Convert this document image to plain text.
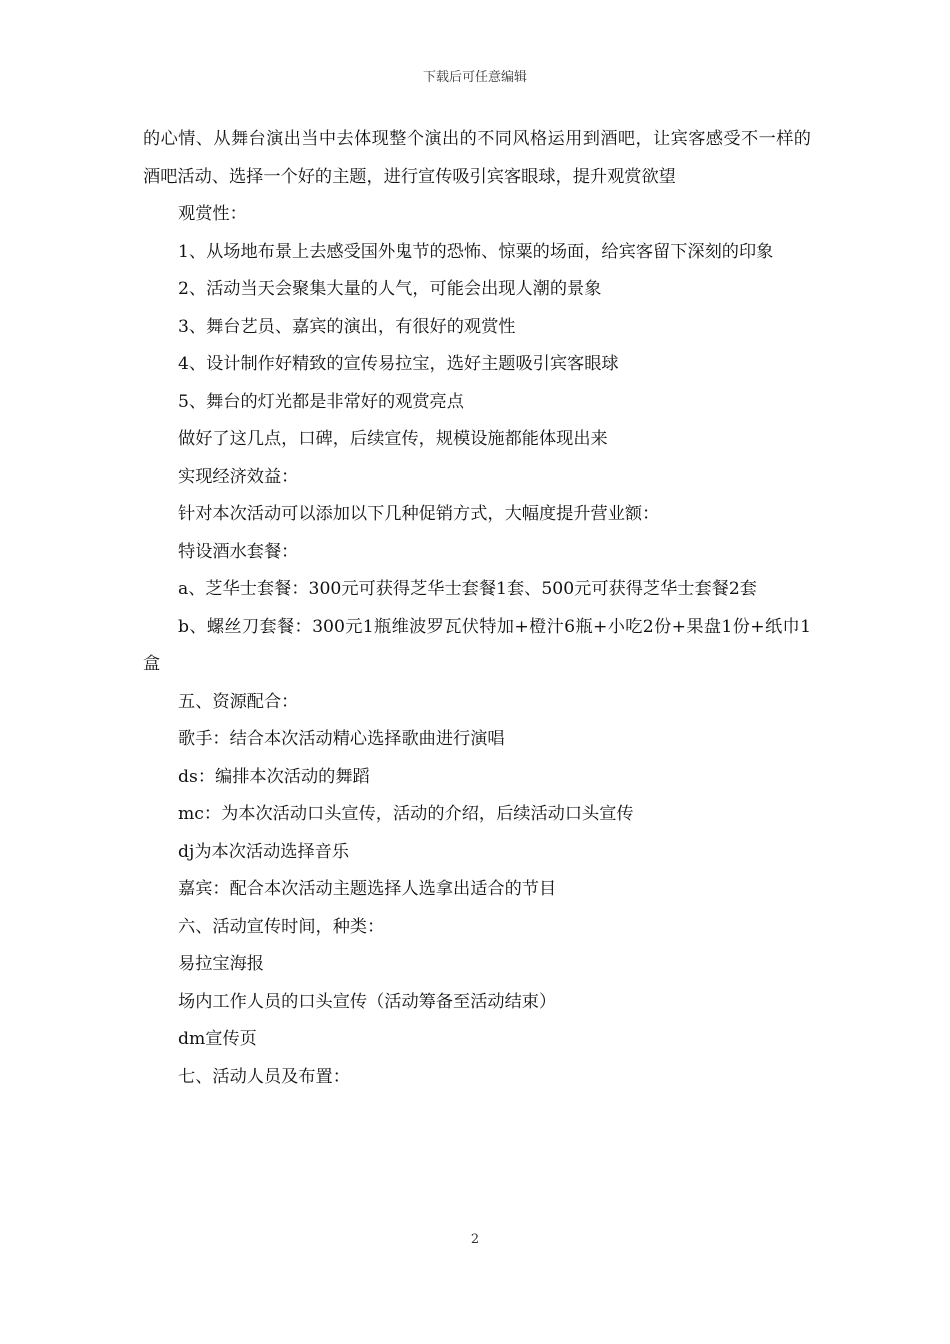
下载后可任意编辑

的心情、从舞台演出当中去体现整个演出的不同风格运用到酒吧，让宾客感受不一样的酒吧活动、选择一个好的主题，进行宣传吸引宾客眼球，提升观赏欲望

观赏性：

1、从场地布景上去感受国外鬼节的恐怖、惊粟的场面，给宾客留下深刻的印象

2、活动当天会聚集大量的人气，可能会出现人潮的景象

3、舞台艺员、嘉宾的演出，有很好的观赏性

4、设计制作好精致的宣传易拉宝，选好主题吸引宾客眼球

5、舞台的灯光都是非常好的观赏亮点

做好了这几点，口碑，后续宣传，规模设施都能体现出来

实现经济效益：

针对本次活动可以添加以下几种促销方式，大幅度提升营业额：

特设酒水套餐：

a、芝华士套餐：300元可获得芝华士套餐1套、500元可获得芝华士套餐2套

b、螺丝刀套餐：300元1瓶维波罗瓦伏特加+橙汁6瓶+小吃2份+果盘1份+纸巾1盒

五、资源配合：

歌手：结合本次活动精心选择歌曲进行演唱

ds：编排本次活动的舞蹈

mc：为本次活动口头宣传，活动的介绍，后续活动口头宣传

dj为本次活动选择音乐

嘉宾：配合本次活动主题选择人选拿出适合的节目

六、活动宣传时间，种类：

易拉宝海报

场内工作人员的口头宣传（活动筹备至活动结束）

dm宣传页

七、活动人员及布置：

2
